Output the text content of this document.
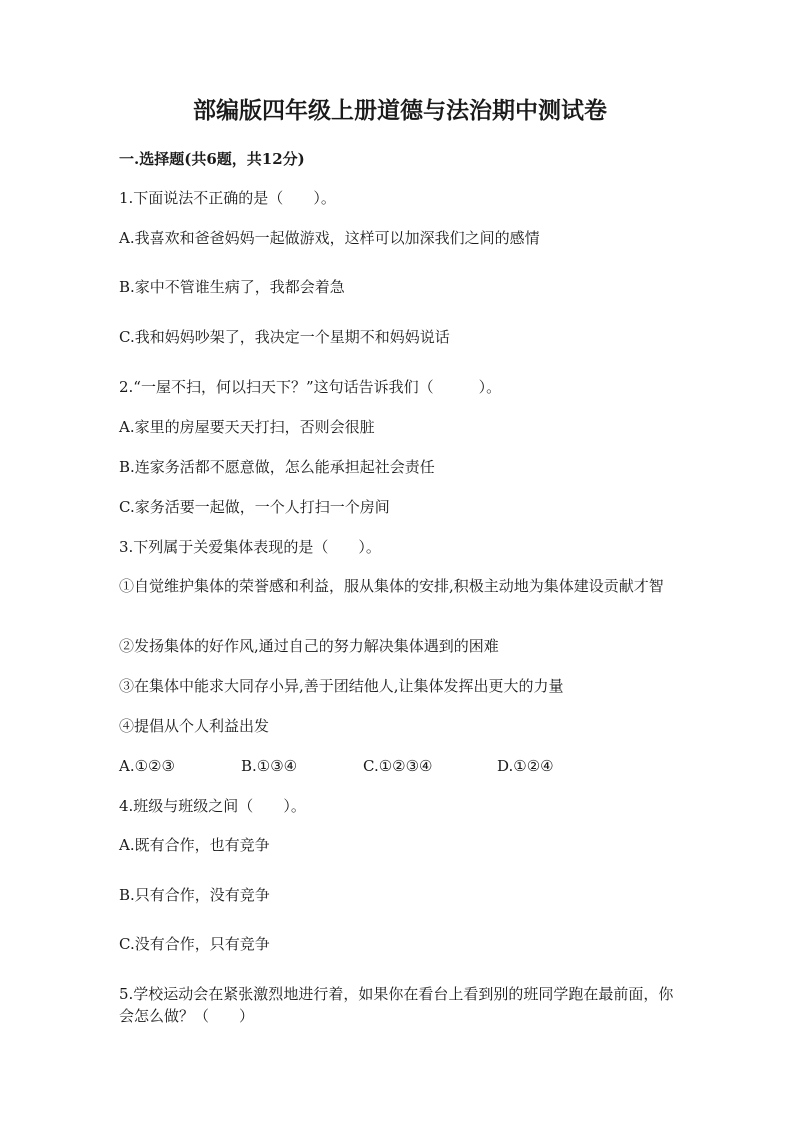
部编版四年级上册道德与法治期中测试卷
一.选择题(共6题，共12分)
1.下面说法不正确的是（　　）。
A.我喜欢和爸爸妈妈一起做游戏，这样可以加深我们之间的感情
B.家中不管谁生病了，我都会着急
C.我和妈妈吵架了，我决定一个星期不和妈妈说话
2.“一屋不扫，何以扫天下？”这句话告诉我们（　　　）。
A.家里的房屋要天天打扫，否则会很脏
B.连家务活都不愿意做，怎么能承担起社会责任
C.家务活要一起做，一个人打扫一个房间
3.下列属于关爱集体表现的是（　　）。
①自觉维护集体的荣誉感和利益，服从集体的安排,积极主动地为集体建设贡献才智
②发扬集体的好作风,通过自己的努力解决集体遇到的困难
③在集体中能求大同存小异,善于团结他人,让集体发挥出更大的力量
④提倡从个人利益出发
A.①②③	B.①③④	C.①②③④	D.①②④
4.班级与班级之间（　　）。
A.既有合作，也有竞争
B.只有合作，没有竞争
C.没有合作，只有竞争
5.学校运动会在紧张激烈地进行着，如果你在看台上看到别的班同学跑在最前面，你会怎么做？（　　）
